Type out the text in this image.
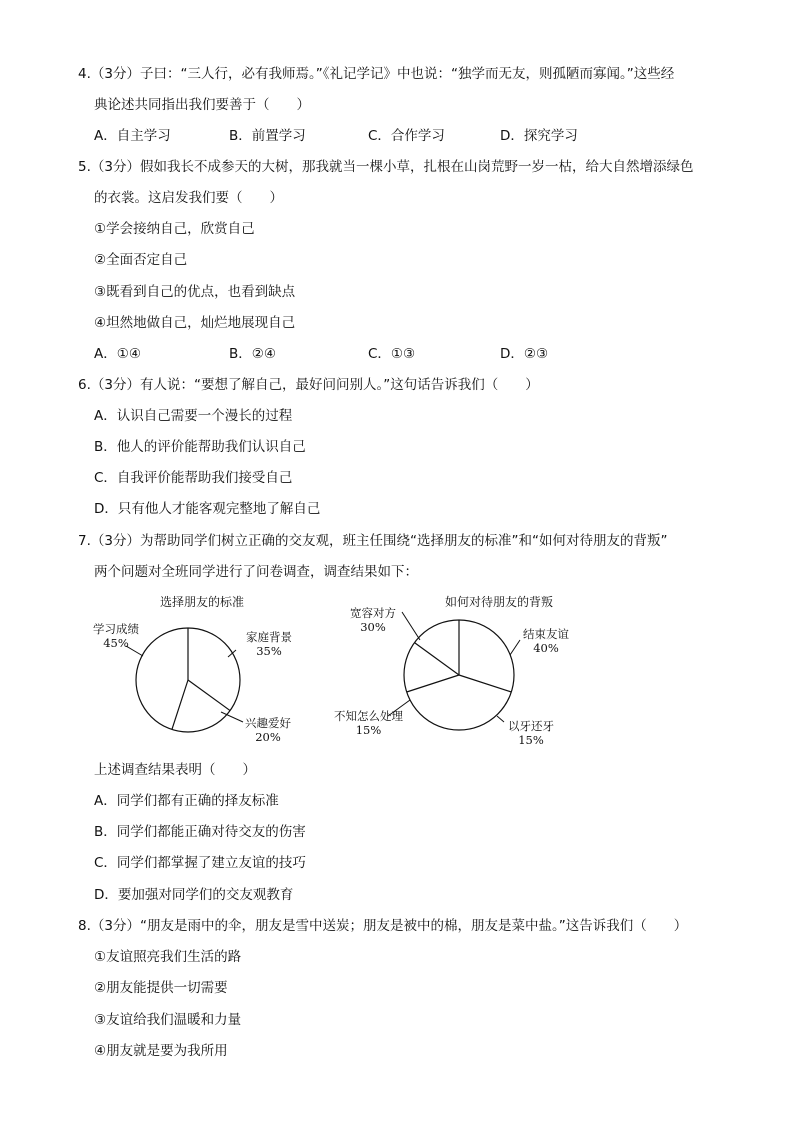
4.（3分）子曰：“三人行，必有我师焉。”《礼记学记》中也说：“独学而无友，则孤陋而寡闻。”这些经
典论述共同指出我们要善于（　　）
A．自主学习	B．前置学习	C．合作学习	D．探究学习
5.（3分）假如我长不成参天的大树，那我就当一棵小草，扎根在山岗荒野一岁一枯，给大自然增添绿色
的衣裳。这启发我们要（　　）
①学会接纳自己，欣赏自己
②全面否定自己
③既看到自己的优点，也看到缺点
④坦然地做自己，灿烂地展现自己
A．①④	B．②④	C．①③	D．②③
6.（3分）有人说：“要想了解自己，最好问问别人。”这句话告诉我们（　　）
A．认识自己需要一个漫长的过程
B．他人的评价能帮助我们认识自己
C．自我评价能帮助我们接受自己
D．只有他人才能客观完整地了解自己
7.（3分）为帮助同学们树立正确的交友观，班主任围绕“选择朋友的标准”和“如何对待朋友的背叛”
两个问题对全班同学进行了问卷调查，调查结果如下：
选择朋友的标准
学习成绩
45%	家庭背景
35%
兴趣爱好
20%
如何对待朋友的背叛
宽容对方
30%	结束友谊
40%
以牙还牙
15%
不知怎么处理
15%
上述调查结果表明（　　）
A．同学们都有正确的择友标准
B．同学们都能正确对待交友的伤害
C．同学们都掌握了建立友谊的技巧
D．要加强对同学们的交友观教育
8.（3分）“朋友是雨中的伞，朋友是雪中送炭；朋友是被中的棉，朋友是菜中盐。”这告诉我们（　　）
①友谊照亮我们生活的路
②朋友能提供一切需要
③友谊给我们温暖和力量
④朋友就是要为我所用
